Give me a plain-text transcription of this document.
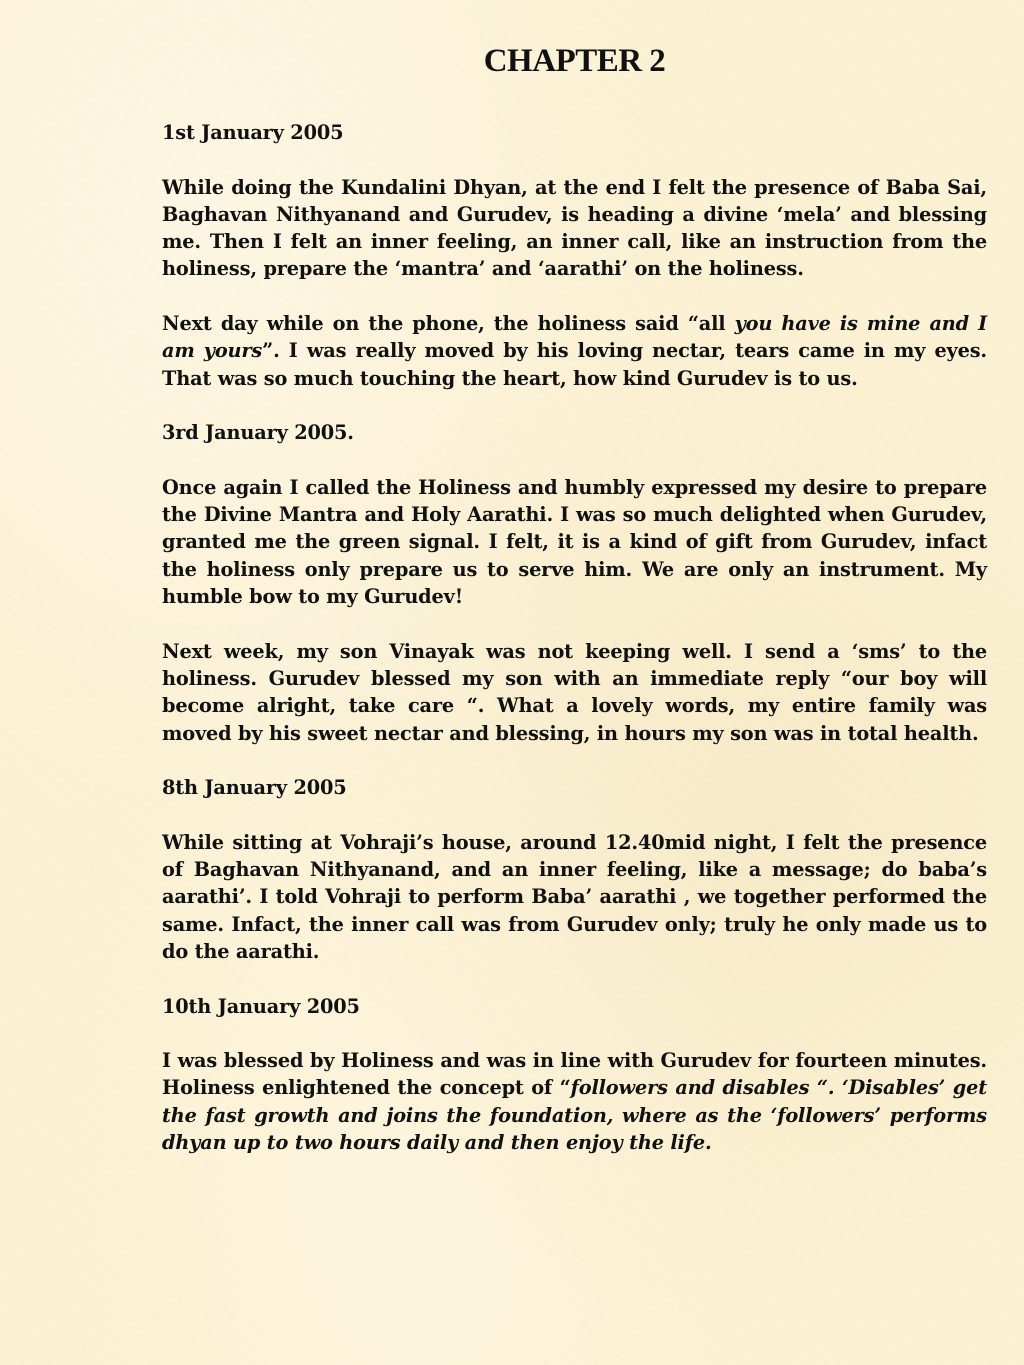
CHAPTER 2

1st January 2005

While doing the Kundalini Dhyan, at the end I felt the presence of Baba Sai, Baghavan Nithyanand and Gurudev, is heading a divine ‘mela’ and blessing me. Then I felt an inner feeling, an inner call, like an instruction from the holiness, prepare the ‘mantra’ and ‘aarathi’ on the holiness.

Next day while on the phone, the holiness said “all you have is mine and I am yours”. I was really moved by his loving nectar, tears came in my eyes. That was so much touching the heart, how kind Gurudev is to us.

3rd January 2005.

Once again I called the Holiness and humbly expressed my desire to prepare the Divine Mantra and Holy Aarathi. I was so much delighted when Gurudev, granted me the green signal. I felt, it is a kind of gift from Gurudev, infact the holiness only prepare us to serve him. We are only an instrument. My humble bow to my Gurudev!

Next week, my son Vinayak was not keeping well. I send a ‘sms’ to the holiness. Gurudev blessed my son with an immediate reply “our boy will become alright, take care “. What a lovely words, my entire family was moved by his sweet nectar and blessing, in hours my son was in total health.

8th January 2005

While sitting at Vohraji’s house, around 12.40mid night, I felt the presence of Baghavan Nithyanand, and an inner feeling, like a message; do baba’s aarathi’. I told Vohraji to perform Baba’ aarathi , we together performed the same. Infact, the inner call was from Gurudev only; truly he only made us to do the aarathi.

10th January 2005

I was blessed by Holiness and was in line with Gurudev for fourteen minutes. Holiness enlightened the concept of “followers and disables “. ‘Disables’ get the fast growth and joins the foundation, where as the ‘followers’ performs dhyan up to two hours daily and then enjoy the life.
